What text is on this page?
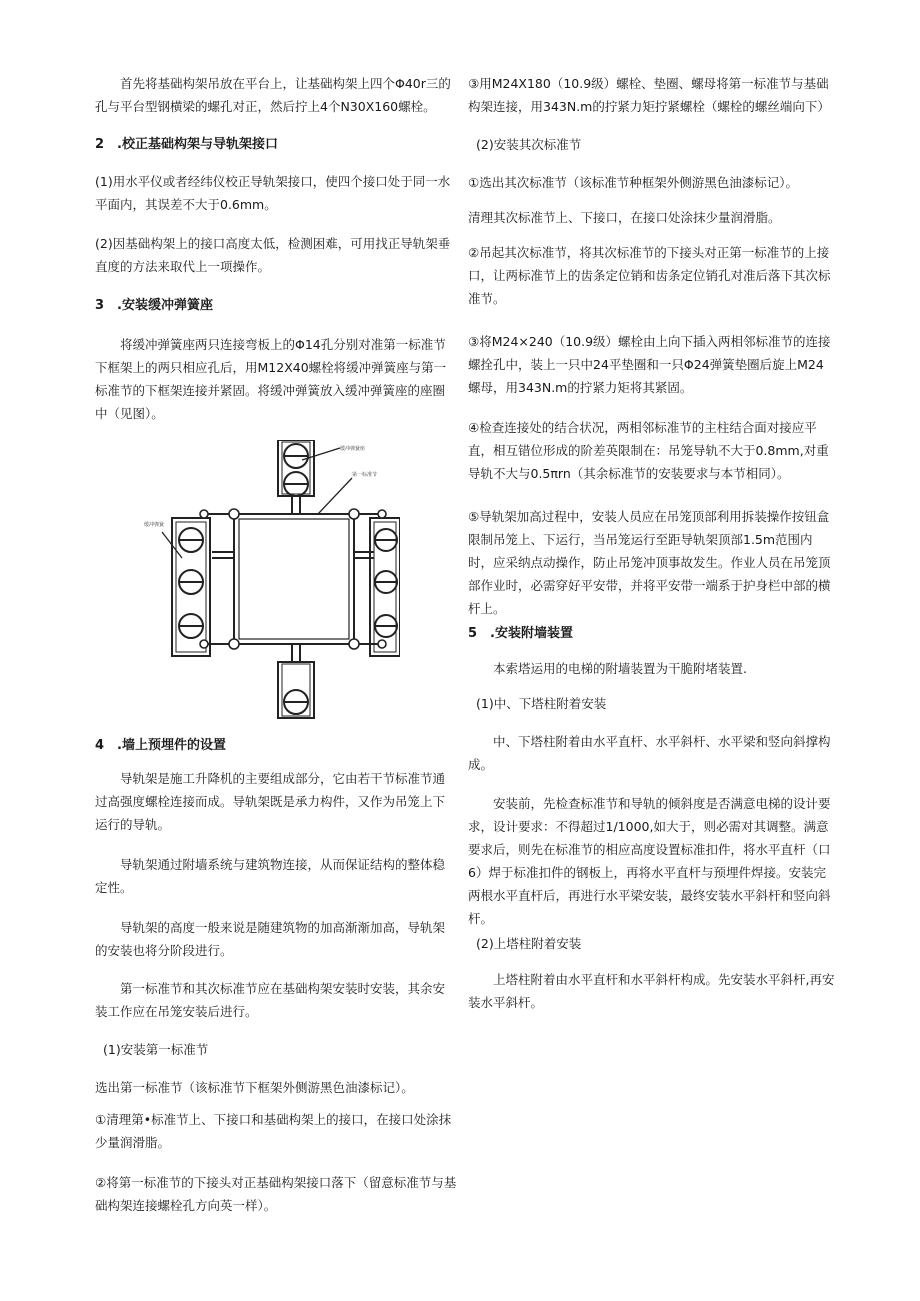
首先将基础构架吊放在平台上，让基础构架上四个Φ40r三的孔与平台型钢横梁的螺孔对正，然后拧上4个N30X160螺栓。

2　.校正基础构架与导轨架接口

(1)用水平仪或者经纬仪校正导轨架接口，使四个接口处于同一水平面内，其误差不大于0.6mm。

(2)因基础构架上的接口高度太低，检测困难，可用找正导轨架垂直度的方法来取代上一项操作。

3　.安装缓冲弹簧座

将缓冲弹簧座两只连接弯板上的Φ14孔分别对准第一标准节下框架上的两只相应孔后，用M12X40螺栓将缓冲弹簧座与第一标准节的下框架连接并紧固。将缓冲弹簧放入缓冲弹簧座的座圈中（见图）。

4　.墙上预埋件的设置

导轨架是施工升降机的主要组成部分，它由若干节标准节通过高强度螺栓连接而成。导轨架既是承力构件，又作为吊笼上下运行的导轨。

导轨架通过附墙系统与建筑物连接，从而保证结构的整体稳定性。

导轨架的高度一般来说是随建筑物的加高渐渐加高，导轨架的安装也将分阶段进行。

第一标准节和其次标准节应在基础构架安装时安装，其余安装工作应在吊笼安装后进行。

(1)安装第一标准节

选出第一标准节（该标准节下框架外侧游黑色油漆标记）。

①清理第•标准节上、下接口和基础构架上的接口，在接口处涂抹少量润滑脂。

②将第一标准节的下接头对正基础构架接口落下（留意标准节与基础构架连接螺栓孔方向英一样）。

缓冲弹簧座
第一标准节
缓冲弹簧

③用M24X180（10.9级）螺栓、垫圈、螺母将第一标准节与基础构架连接，用343N.m的拧紧力矩拧紧螺栓（螺栓的螺丝端向下）

(2)安装其次标准节

①选出其次标准节（该标准节种框架外侧游黑色油漆标记）。

清理其次标准节上、下接口，在接口处涂抹少量润滑脂。

②吊起其次标准节，将其次标准节的下接头对正第一标准节的上接口，让两标准节上的齿条定位销和齿条定位销孔对准后落下其次标准节。

③将M24×240（10.9级）螺栓由上向下插入两相邻标准节的连接螺拴孔中，装上一只中24平垫圈和一只Φ24弹簧垫圈后旋上M24螺母，用343N.m的拧紧力矩将其紧固。

④检查连接处的结合状况，两相邻标准节的主柱结合面对接应平直，相互错位形成的阶差英限制在：吊笼导轨不大于0.8mm,对重导轨不大与0.5πrn（其余标准节的安装要求与本节相同）。

⑤导轨架加高过程中，安装人员应在吊笼顶部利用拆装操作按钮盒限制吊笼上、下运行，当吊笼运行至距导轨架顶部1.5m范围内时，应采纳点动操作，防止吊笼冲顶事故发生。作业人员在吊笼顶部作业时，必需穿好平安带，并将平安带一端系于护身栏中部的横杆上。

5　.安装附墙装置

本索塔运用的电梯的附墙装置为干脆附堵装置.

(1)中、下塔柱附着安装

中、下塔柱附着由水平直杆、水平斜杆、水平梁和竖向斜撑构成。

安装前，先检查标准节和导轨的倾斜度是否满意电梯的设计要求，设计要求：不得超过1/1000,如大于，则必需对其调整。满意要求后，则先在标准节的相应高度设置标准扣件，将水平直杆（口6）焊于标准扣件的钢板上，再将水平直杆与预埋件焊接。安装完两根水平直杆后，再进行水平梁安装，最终安装水平斜杆和竖向斜杆。

(2)上塔柱附着安装

上塔柱附着由水平直杆和水平斜杆构成。先安装水平斜杆,再安装水平斜杆。
